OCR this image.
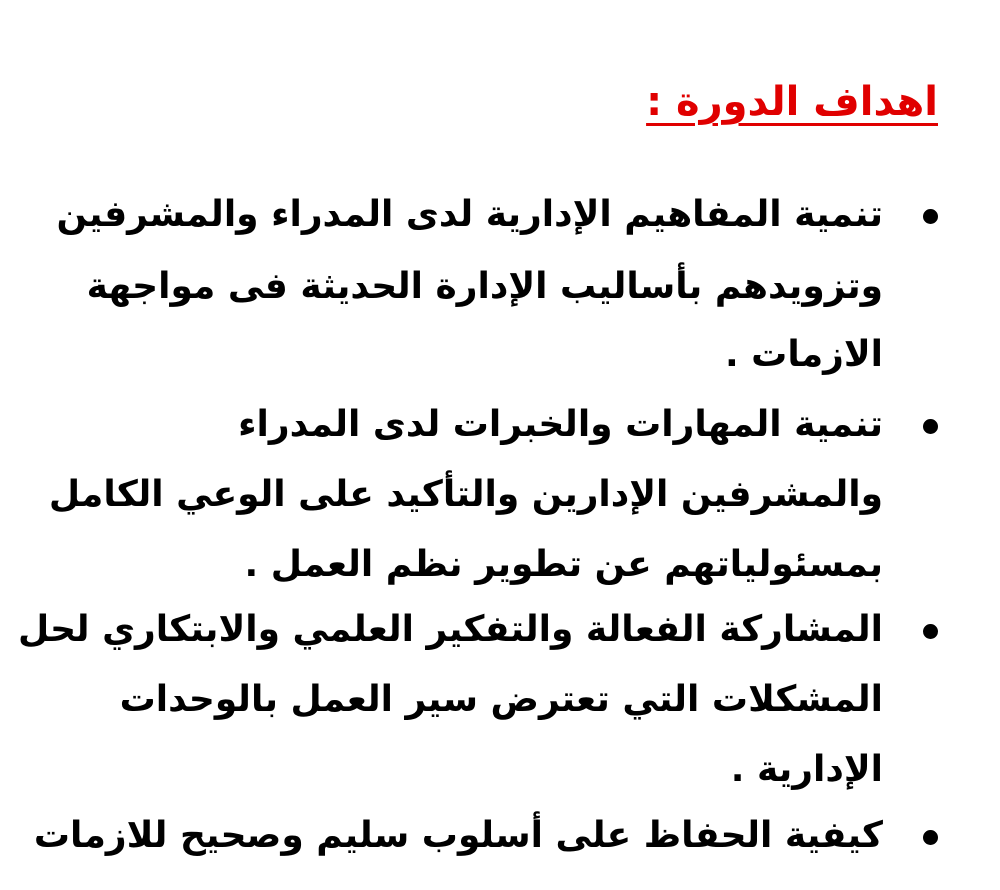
اهداف الدورة :
تنمية المفاهيم الإدارية لدى المدراء والمشرفين
وتزويدهم بأساليب الإدارة الحديثة فى مواجهة
الازمات .
تنمية المهارات والخبرات لدى المدراء
والمشرفين الإدارين والتأكيد على الوعي الكامل
بمسئولياتهم عن تطوير نظم العمل .
المشاركة الفعالة والتفكير العلمي والابتكاري لحل
المشكلات التي تعترض سير العمل بالوحدات
الإدارية .
كيفية الحفاظ على أسلوب سليم وصحيح للازمات
